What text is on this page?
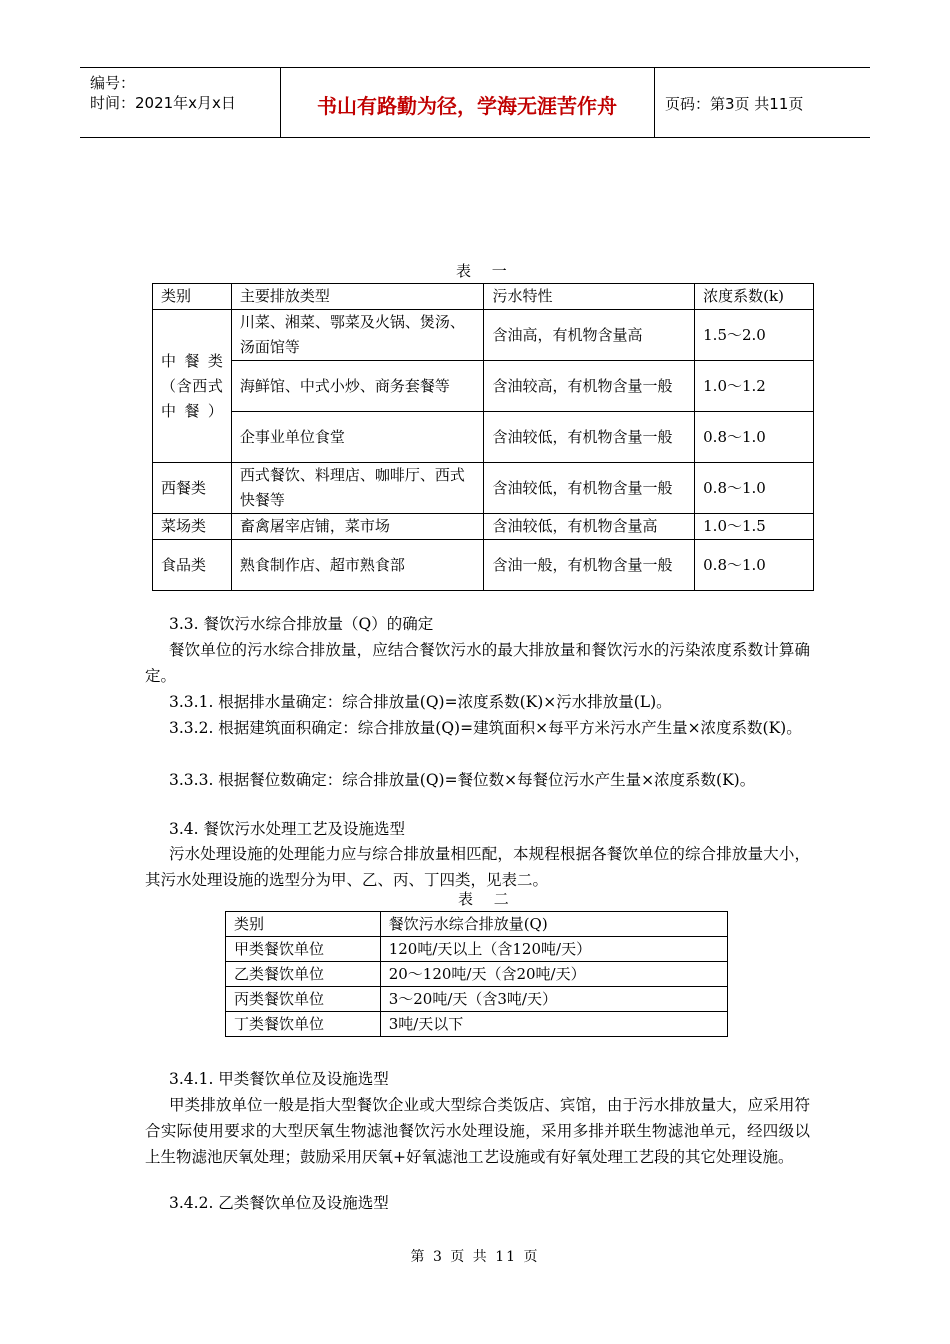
编号：
时间：2021年x月x日	书山有路勤为径，学海无涯苦作舟	页码：第3页 共11页
表 一
类别	主要排放类型	污水特性	浓度系数(k)
中餐类（含西式中餐）	川菜、湘菜、鄂菜及火锅、煲汤、汤面馆等	含油高，有机物含量高	1.5～2.0
	海鲜馆、中式小炒、商务套餐等	含油较高，有机物含量一般	1.0～1.2
	企事业单位食堂	含油较低，有机物含量一般	0.8～1.0
西餐类	西式餐饮、料理店、咖啡厅、西式快餐等	含油较低，有机物含量一般	0.8～1.0
菜场类	畜禽屠宰店铺，菜市场	含油较低，有机物含量高	1.0～1.5
食品类	熟食制作店、超市熟食部	含油一般，有机物含量一般	0.8～1.0
3.3. 餐饮污水综合排放量（Q）的确定
餐饮单位的污水综合排放量，应结合餐饮污水的最大排放量和餐饮污水的污染浓度系数计算确定。
3.3.1. 根据排水量确定：综合排放量(Q)=浓度系数(K)×污水排放量(L)。
3.3.2. 根据建筑面积确定：综合排放量(Q)=建筑面积×每平方米污水产生量×浓度系数(K)。
3.3.3. 根据餐位数确定：综合排放量(Q)=餐位数×每餐位污水产生量×浓度系数(K)。
3.4. 餐饮污水处理工艺及设施选型
污水处理设施的处理能力应与综合排放量相匹配，本规程根据各餐饮单位的综合排放量大小，其污水处理设施的选型分为甲、乙、丙、丁四类，见表二。
表 二
类别	餐饮污水综合排放量(Q)
甲类餐饮单位	120吨/天以上（含120吨/天）
乙类餐饮单位	20～120吨/天（含20吨/天）
丙类餐饮单位	3～20吨/天（含3吨/天）
丁类餐饮单位	3吨/天以下
3.4.1. 甲类餐饮单位及设施选型
甲类排放单位一般是指大型餐饮企业或大型综合类饭店、宾馆，由于污水排放量大，应采用符合实际使用要求的大型厌氧生物滤池餐饮污水处理设施，采用多排并联生物滤池单元，经四级以上生物滤池厌氧处理；鼓励采用厌氧+好氧滤池工艺设施或有好氧处理工艺段的其它处理设施。
3.4.2. 乙类餐饮单位及设施选型
第 3 页 共 11 页
